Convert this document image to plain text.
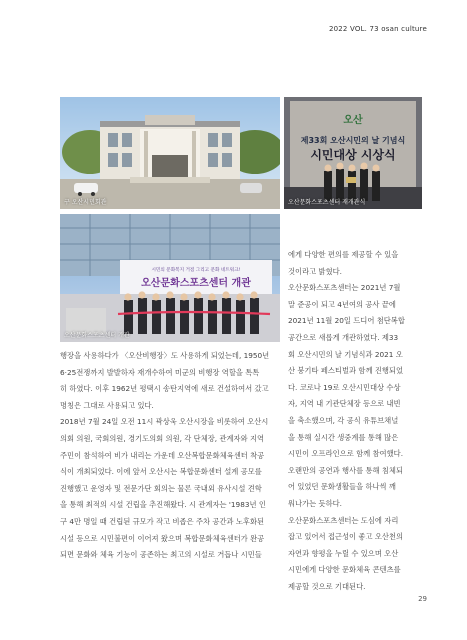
2022 VOL. 73 osan culture
구 오산시민회관
오산
제33회 오산시민의 날 기념식
시민대상 시상식
오산문화스포츠센터 재개관식
시민의 문화복지 거점 그리고 문화 네트워크!
오산문화스포츠센터 개관
오산문화스포츠센터 개관
에게 다양한 편의를 제공할 수 있을
것이라고 밝혔다.
오산문화스포츠센터는 2021년 7월
말 준공이 되고 4년여의 공사 끝에
2021년 11월 20일 드디어 첨단복합
공간으로 새롭게 개관하였다. 제33
회 오산시민의 날 기념식과 2021 오
산 붕기타 페스티벌과 함께 진행되었
다. 코로나 19로 오산시민대상 수상
자, 지역 내 기관단체장 등으로 내빈
을 축소했으며, 각 공식 유튜브채널
을 통해 실시간 생중계를 통해 많은
시민이 오프라인으로 함께 참여했다.
오랜만의 공연과 행사를 통해 침체되
어 있었던 문화생활들을 하나씩 깨
워나가는 듯하다.
오산문화스포츠센터는 도심에 자리
잡고 있어서 접근성이 좋고 오산천의
자연과 향평을 누릴 수 있으며 오산
시민에게 다양한 문화체육 콘텐츠를
제공할 것으로 기대된다.
행장을 사용하다가 〈오산비행장〉도 사용하게 되었는데, 1950년
6·25전쟁까지 발발하자 재개수하여 미군의 비행장 역할을 톡톡
히 하였다. 이후 1962년 평택시 송탄지역에 새로 건설하여서 갔고
명칭은 그대로 사용되고 있다.
2018년 7월 24일 오전 11시 곽상욱 오산시장을 비롯하여 오산시
의회 의원, 국회의원, 경기도의회 의원, 각 단체장, 관계자와 지역
주민이 참석하여 비가 내리는 가운데 오산복합문화체육센터 착공
식이 개최되었다. 이에 앞서 오산시는 복합문화센터 설계 공모를
진행했고 운영자 및 전문가단 회의는 물론 국내외 유사시설 견학
을 통해 최적의 시설 건립을 추진해왔다. 시 관계자는 '1983년 인
구 4만 명일 때 건립된 규모가 작고 비좁은 주차 공간과 노후화된
시설 등으로 시민불편이 이어져 왔으며 복합문화체육센터가 완공
되면 문화와 체육 기능이 공존하는 최고의 시설로 거듭나 시민들
29
